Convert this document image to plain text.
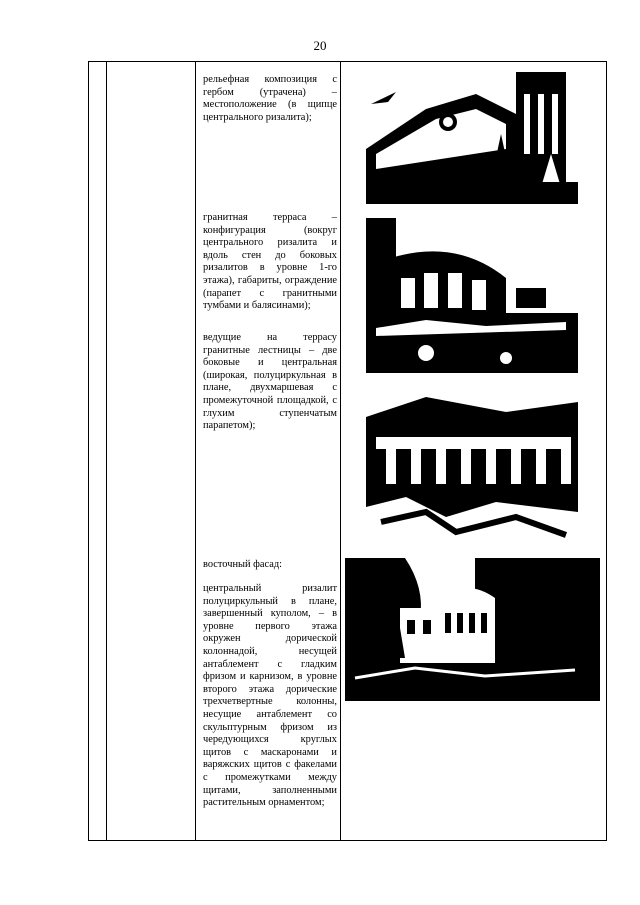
20
рельефная композиция с гербом (утрачена) – местоположение (в щипце центрального ризалита);
гранитная терраса – конфигурация (вокруг центрального ризалита и вдоль стен до боковых ризалитов в уровне 1-го этажа), габариты, ограждение (парапет с гранитными тумбами и балясинами);
ведущие на террасу гранитные лестницы – две боковые и центральная (широкая, полуциркульная в плане, двухмаршевая с промежуточной площадкой, с глухим ступенчатым парапетом);
восточный фасад:
центральный ризалит полуциркульный в плане, завершенный куполом, – в уровне первого этажа окружен дорической колоннадой, несущей антаблемент с гладким фризом и карнизом, в уровне второго этажа дорические трехчетвертные колонны, несущие антаблемент со скульптурным фризом из чередующихся круглых щитов с маскаронами и варяжских щитов с факелами с промежутками между щитами, заполненными растительным орнаментом;
